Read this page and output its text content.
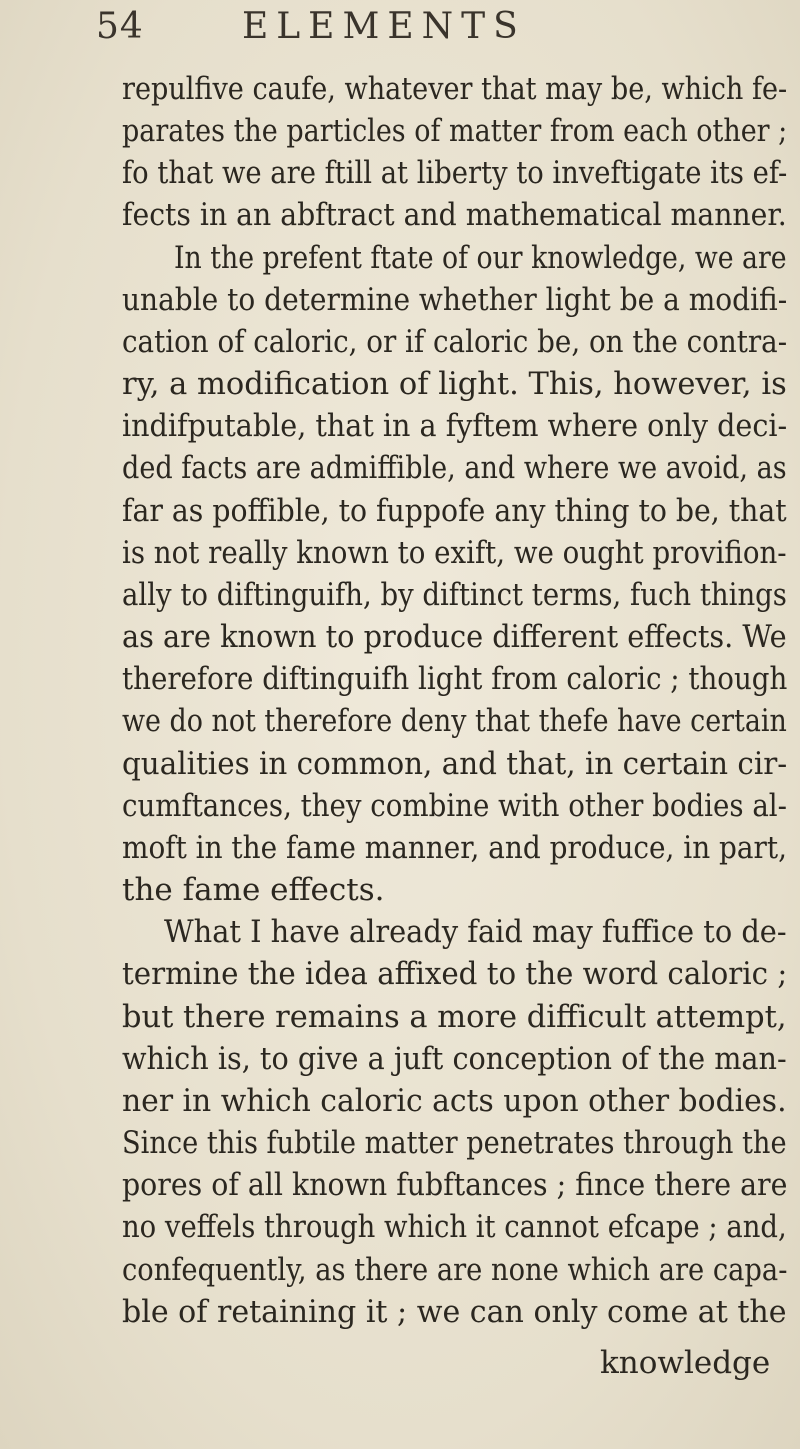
54	ELEMENTS
repulfive caufe, whatever that may be, which fe-
parates the particles of matter from each other ;
fo that we are ftill at liberty to inveftigate its ef-
fects in an abftract and mathematical manner.
In the prefent ftate of our knowledge, we are
unable to determine whether light be a modifi-
cation of caloric, or if caloric be, on the contra-
ry, a modification of light. This, however, is
indifputable, that in a fyftem where only deci-
ded facts are admiffible, and where we avoid, as
far as poffible, to fuppofe any thing to be, that
is not really known to exift, we ought provifion-
ally to diftinguifh, by diftinct terms, fuch things
as are known to produce different effects. We
therefore diftinguifh light from caloric ; though
we do not therefore deny that thefe have certain
qualities in common, and that, in certain cir-
cumftances, they combine with other bodies al-
moft in the fame manner, and produce, in part,
the fame effects.
What I have already faid may fuffice to de-
termine the idea affixed to the word caloric ;
but there remains a more difficult attempt,
which is, to give a juft conception of the man-
ner in which caloric acts upon other bodies.
Since this fubtile matter penetrates through the
pores of all known fubftances ; fince there are
no veffels through which it cannot efcape ; and,
confequently, as there are none which are capa-
ble of retaining it ; we can only come at the
knowledge
